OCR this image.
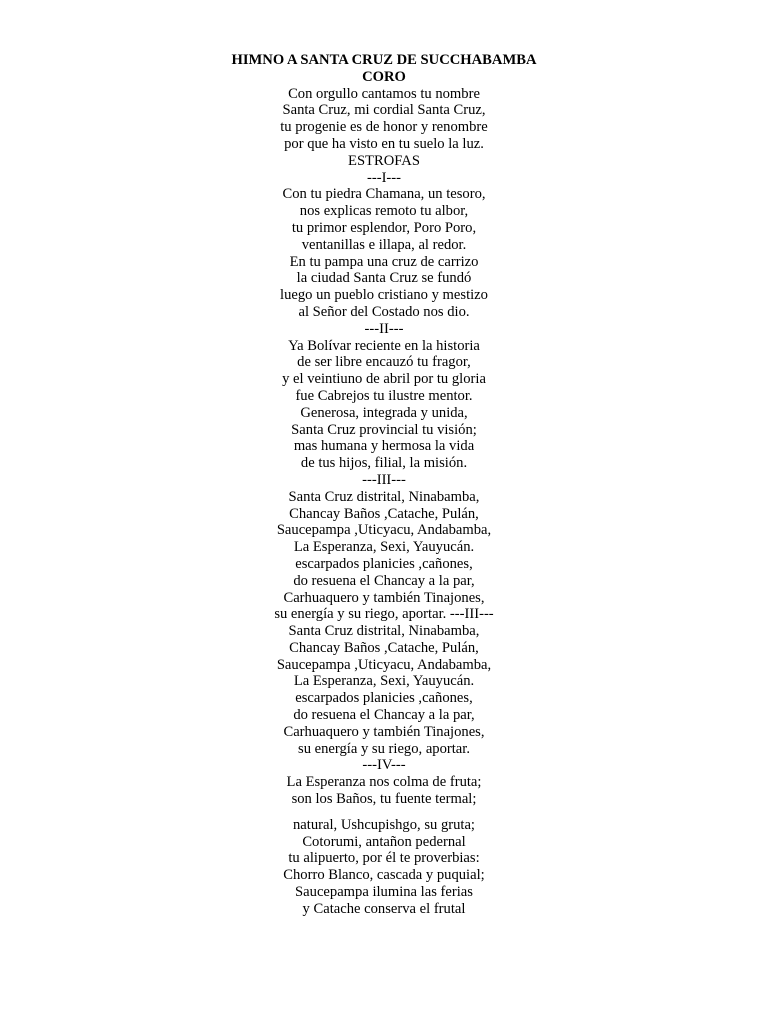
HIMNO A SANTA CRUZ DE SUCCHABAMBA
CORO
Con orgullo cantamos tu nombre
Santa Cruz, mi cordial Santa Cruz,
tu progenie es de honor y renombre
por que ha visto en tu suelo la luz.
ESTROFAS
---I---
Con tu piedra Chamana, un tesoro,
nos explicas remoto tu albor,
tu primor esplendor, Poro Poro,
ventanillas e illapa, al redor.
En tu pampa una cruz de carrizo
la ciudad Santa Cruz se fundó
luego un pueblo cristiano y mestizo
al Señor del Costado nos dio.
---II---
Ya Bolívar reciente en la historia
de ser libre encauzó tu fragor,
y el veintiuno de abril por tu gloria
fue Cabrejos tu ilustre mentor.
Generosa, integrada y unida,
Santa Cruz provincial tu visión;
mas humana y hermosa la vida
de tus hijos, filial, la misión.
---III---
Santa Cruz distrital, Ninabamba,
Chancay Baños ,Catache, Pulán,
Saucepampa ,Uticyacu, Andabamba,
La Esperanza, Sexi, Yauyucán.
escarpados planicies ,cañones,
do resuena el Chancay a la par,
Carhuaquero y también Tinajones,
su energía y su riego, aportar. ---III---
Santa Cruz distrital, Ninabamba,
Chancay Baños ,Catache, Pulán,
Saucepampa ,Uticyacu, Andabamba,
La Esperanza, Sexi, Yauyucán.
escarpados planicies ,cañones,
do resuena el Chancay a la par,
Carhuaquero y también Tinajones,
su energía y su riego, aportar.
---IV---
La Esperanza nos colma de fruta;
son los Baños, tu fuente termal;
natural, Ushcupishgo, su gruta;
Cotorumi, antañon pedernal
tu alipuerto, por él te proverbias:
Chorro Blanco, cascada y puquial;
Saucepampa ilumina las ferias
y Catache conserva el frutal
